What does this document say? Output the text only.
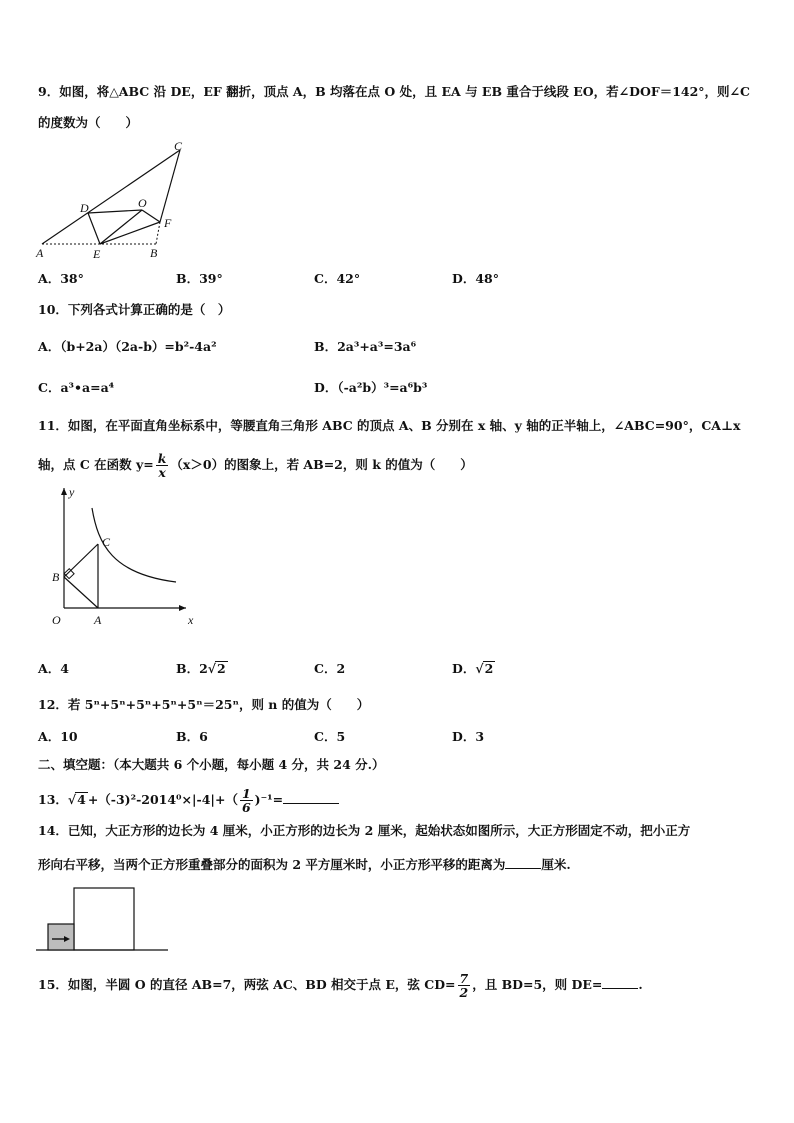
9．如图，将△ABC 沿 DE，EF 翻折，顶点 A，B 均落在点 O 处，且 EA 与 EB 重合于线段 EO，若∠DOF＝142°，则∠C
的度数为（　　）
C
D	O
F
A	E	B
A．38°	B．39°	C．42°	D．48°
10．下列各式计算正确的是（　）
A．（b+2a）（2a-b）=b²-4a²	B．2a³+a³=3a⁶
C．a³•a=a⁴	D．（-a²b）³=a⁶b³
11．如图，在平面直角坐标系中，等腰直角三角形 ABC 的顶点 A、B 分别在 x 轴、y 轴的正半轴上，∠ABC=90°，CA⊥x
轴，点 C 在函数 $y= \frac{k}{x} (x>0)$的图象上，若 AB=2，则 k 的值为（　　）
y
x
O	A
B
C
A．4	B．2√2	C．2	D．√2
12．若 5ⁿ+5ⁿ+5ⁿ+5ⁿ+5ⁿ＝25ⁿ，则 n 的值为（　　）
A．10	B．6	C．5	D．3
二、填空题：（本大题共 6 个小题，每小题 4 分，共 24 分.）
13．$√4 +(-3)^2-2014^0\times|-4|+( \frac{1}{6} )^{-1}=$
14．已知，大正方形的边长为 4 厘米，小正方形的边长为 2 厘米，起始状态如图所示，大正方形固定不动，把小正方
形向右平移，当两个正方形重叠部分的面积为 2 平方厘米时，小正方形平移的距离为	厘米.
15．如图，半圆 O 的直径 AB=7，两弦 AC、BD 相交于点 E，弦 $CD= \frac{7}{2}$ ，且 BD=5，则 DE=	.
